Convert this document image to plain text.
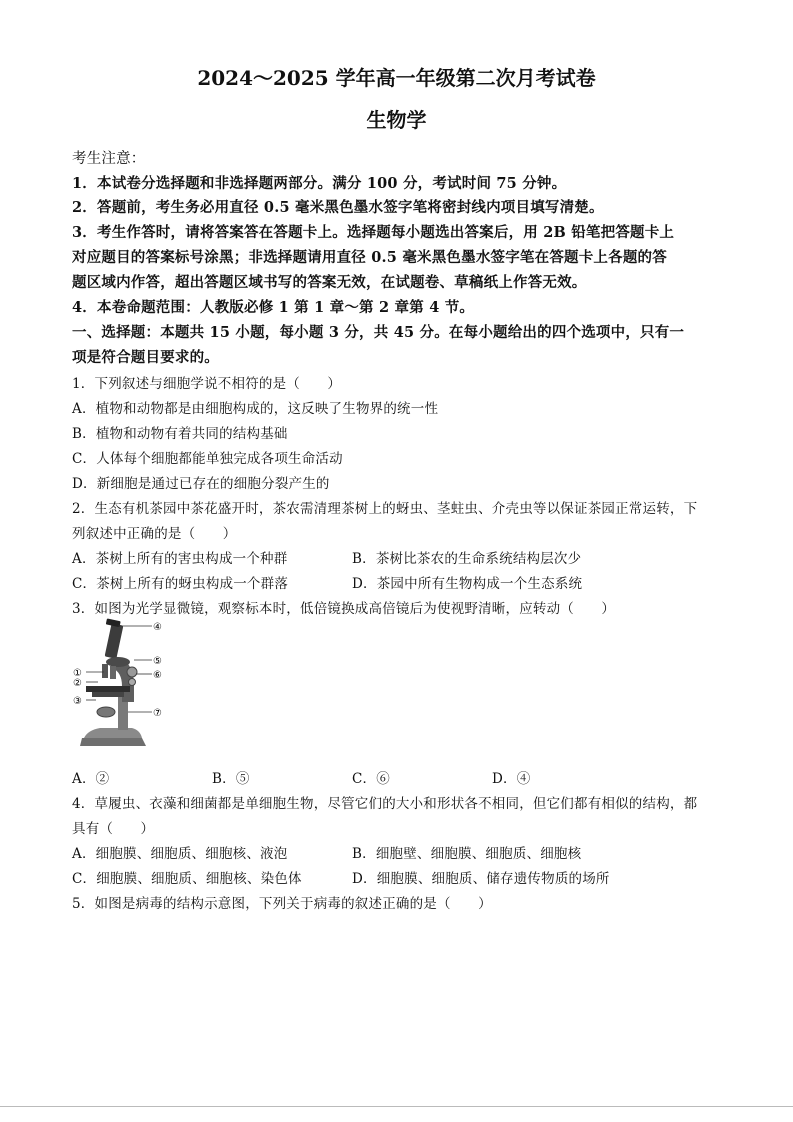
2024～2025 学年高一年级第二次月考试卷
生物学
考生注意：
1．本试卷分选择题和非选择题两部分。满分 100 分，考试时间 75 分钟。
2．答题前，考生务必用直径 0.5 毫米黑色墨水签字笔将密封线内项目填写清楚。
3．考生作答时，请将答案答在答题卡上。选择题每小题选出答案后，用 2B 铅笔把答题卡上
对应题目的答案标号涂黑；非选择题请用直径 0.5 毫米黑色墨水签字笔在答题卡上各题的答
题区域内作答，超出答题区域书写的答案无效，在试题卷、草稿纸上作答无效。
4．本卷命题范围：人教版必修 1 第 1 章～第 2 章第 4 节。
一、选择题：本题共 15 小题，每小题 3 分，共 45 分。在每小题给出的四个选项中，只有一
项是符合题目要求的。
1．下列叙述与细胞学说不相符的是（　　）
A．植物和动物都是由细胞构成的，这反映了生物界的统一性
B．植物和动物有着共同的结构基础
C．人体每个细胞都能单独完成各项生命活动
D．新细胞是通过已存在的细胞分裂产生的
2．生态有机茶园中茶花盛开时，茶农需清理茶树上的蚜虫、茎蛀虫、介壳虫等以保证茶园正常运转，下
列叙述中正确的是（　　）
A．茶树上所有的害虫构成一个种群	B．茶树比茶农的生命系统结构层次少
C．茶树上所有的蚜虫构成一个群落	D．茶园中所有生物构成一个生态系统
3．如图为光学显微镜，观察标本时，低倍镜换成高倍镜后为使视野清晰，应转动（　　）
④
⑤
⑥
①
②
③
⑦
A．②	B．⑤	C．⑥	D．④
4．草履虫、衣藻和细菌都是单细胞生物，尽管它们的大小和形状各不相同，但它们都有相似的结构，都
具有（　　）
A．细胞膜、细胞质、细胞核、液泡	B．细胞壁、细胞膜、细胞质、细胞核
C．细胞膜、细胞质、细胞核、染色体	D．细胞膜、细胞质、储存遗传物质的场所
5．如图是病毒的结构示意图，下列关于病毒的叙述正确的是（　　）
